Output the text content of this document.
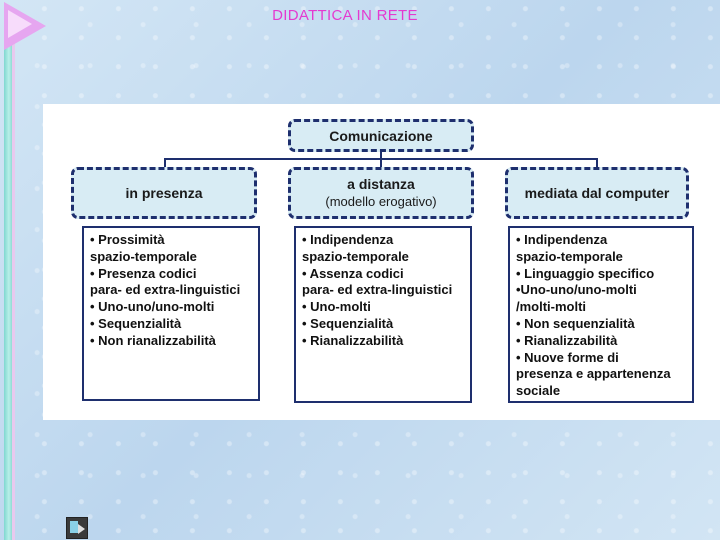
DIDATTICA IN RETE
Comunicazione
in presenza
a distanza
(modello erogativo)
mediata dal computer
• Prossimità
spazio-temporale
• Presenza codici
para- ed extra-linguistici
• Uno-uno/uno-molti
• Sequenzialità
• Non rianalizzabilità
• Indipendenza
spazio-temporale
• Assenza codici
para- ed extra-linguistici
• Uno-molti
• Sequenzialità
• Rianalizzabilità
• Indipendenza
spazio-temporale
• Linguaggio specifico
•Uno-uno/uno-molti
/molti-molti
• Non sequenzialità
• Rianalizzabilità
• Nuove forme di
presenza e appartenenza
sociale
